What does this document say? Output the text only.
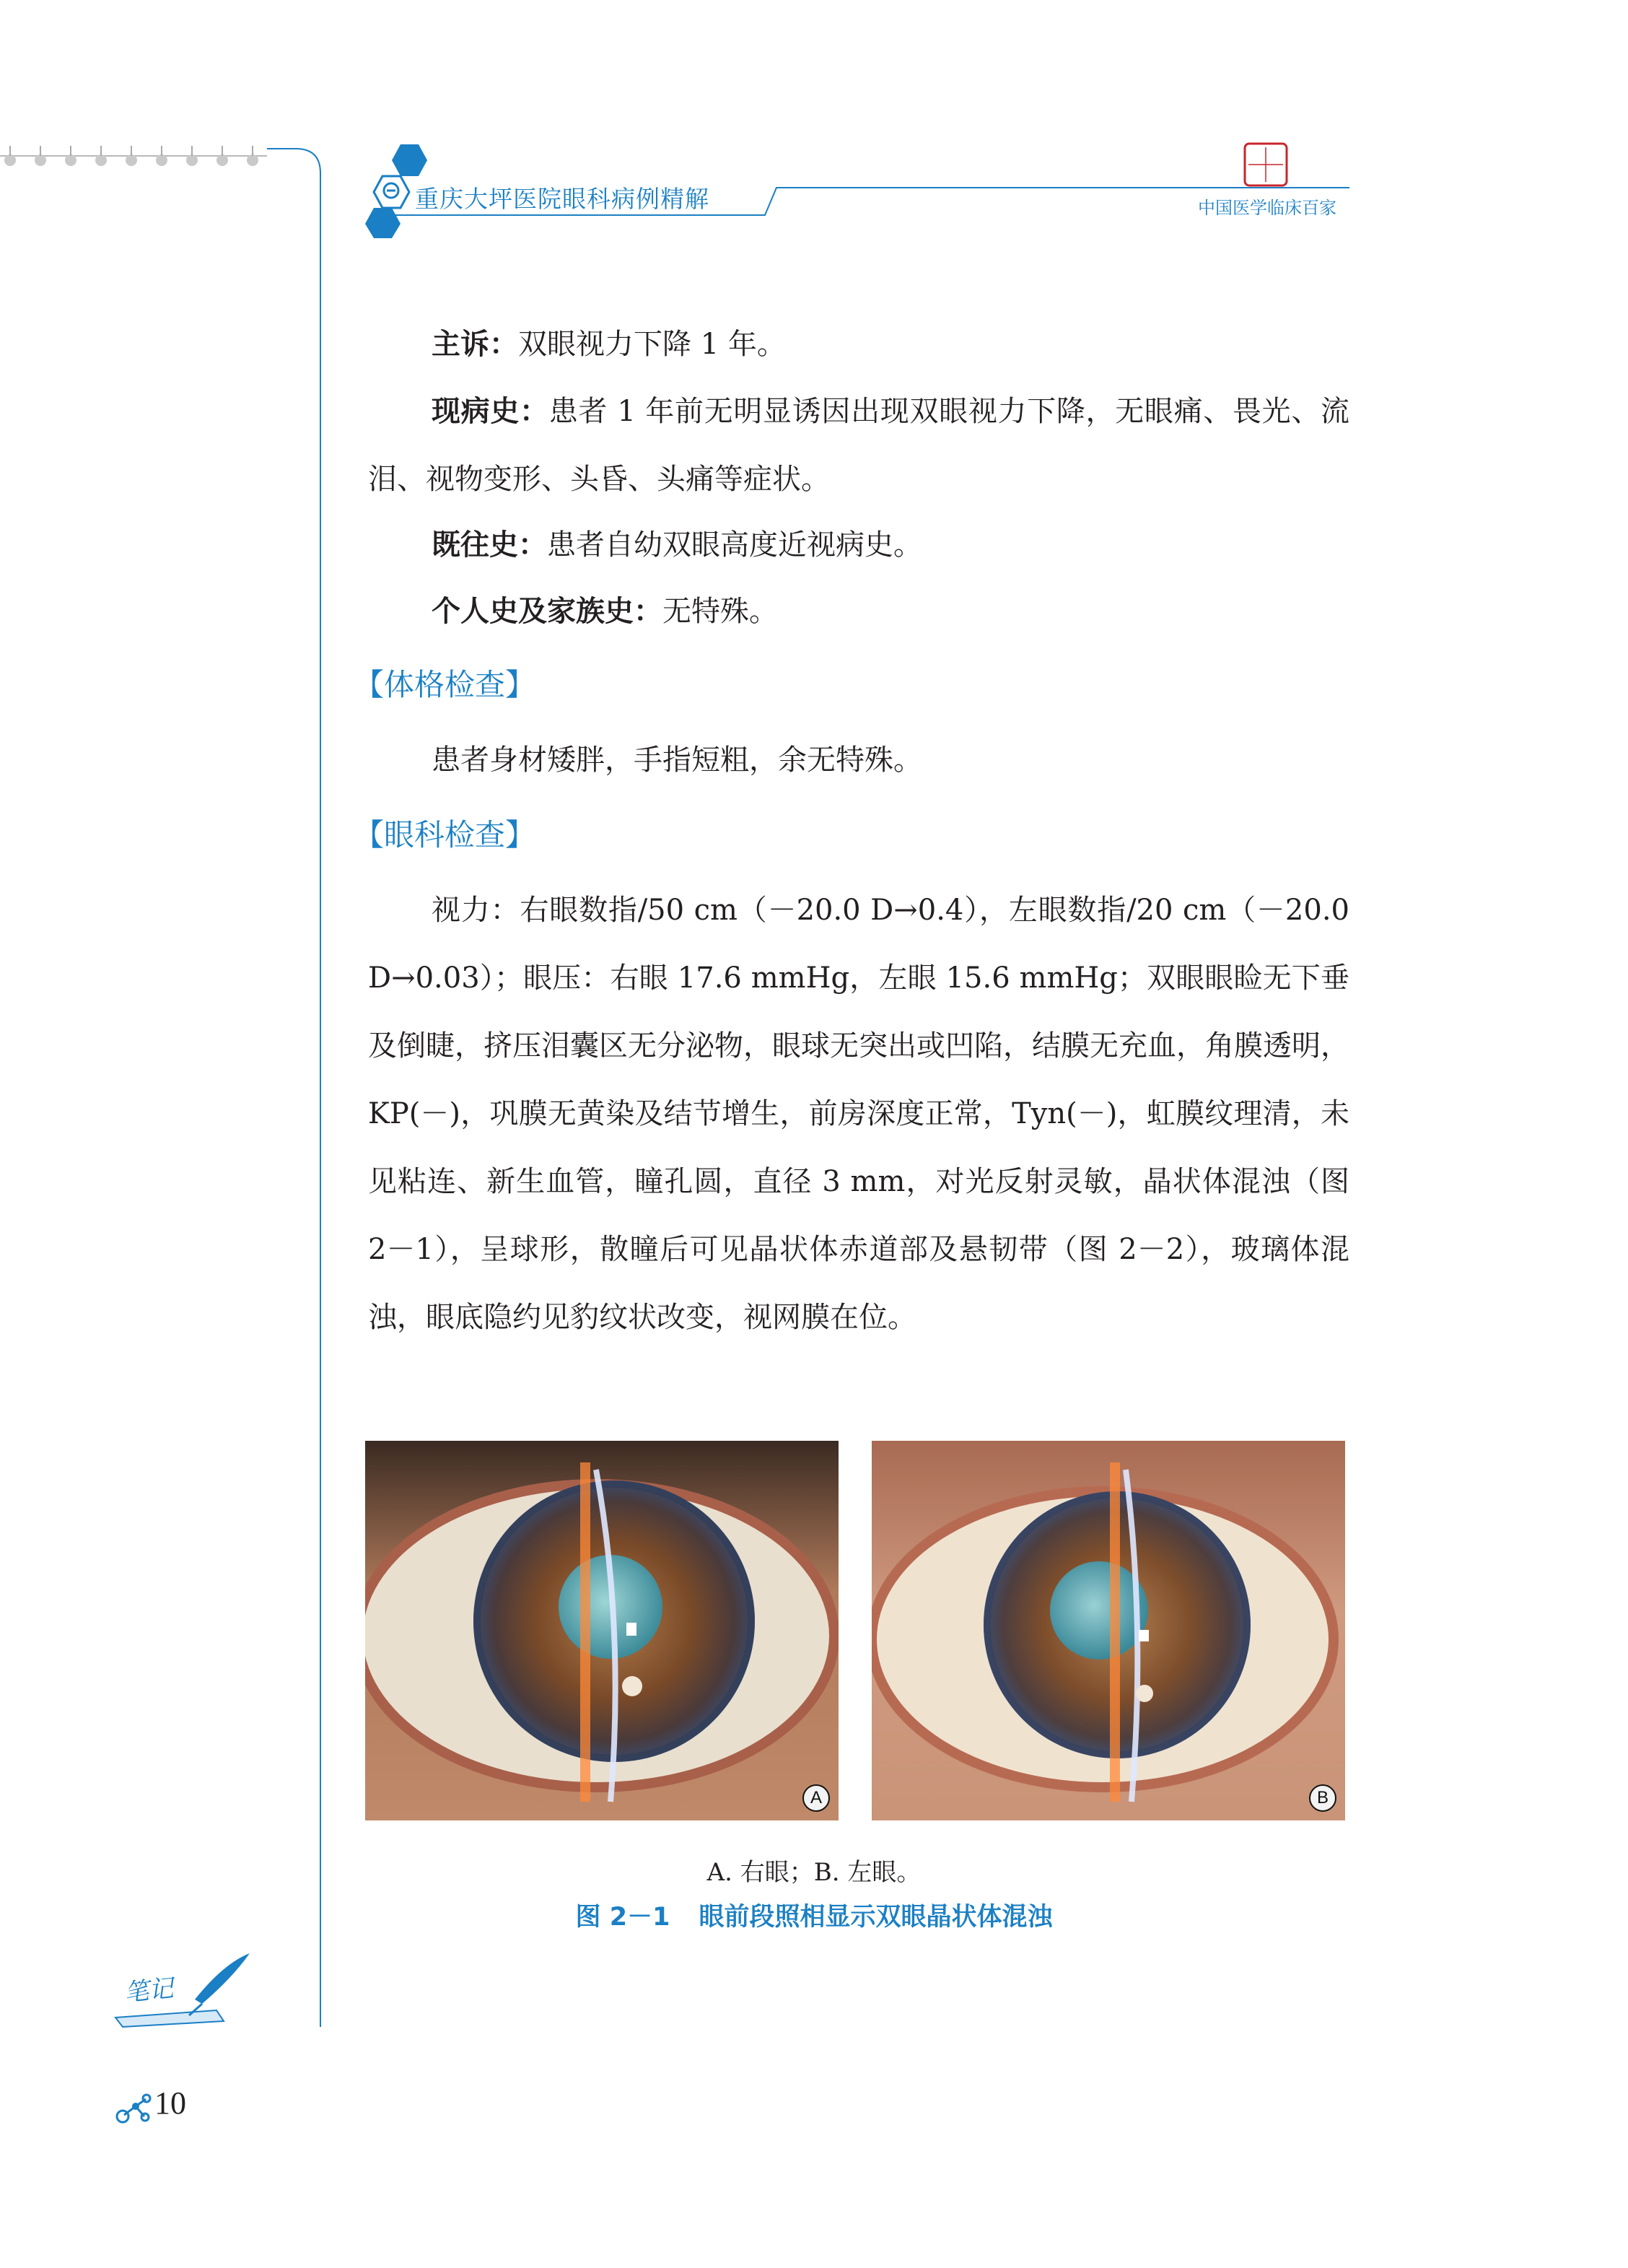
重庆大坪医院眼科病例精解	中国医学临床百家

主诉：双眼视力下降 1 年。

现病史：患者 1 年前无明显诱因出现双眼视力下降，无眼痛、畏光、流泪、视物变形、头昏、头痛等症状。

既往史：患者自幼双眼高度近视病史。

个人史及家族史：无特殊。

【体格检查】

患者身材矮胖，手指短粗，余无特殊。

【眼科检查】

视力：右眼数指/50 cm（－20.0 D→0.4），左眼数指/20 cm（－20.0 D→0.03）；眼压：右眼 17.6 mmHg，左眼 15.6 mmHg；双眼眼睑无下垂及倒睫，挤压泪囊区无分泌物，眼球无突出或凹陷，结膜无充血，角膜透明，KP(－)，巩膜无黄染及结节增生，前房深度正常，Tyn(－)，虹膜纹理清，未见粘连、新生血管，瞳孔圆，直径 3 mm，对光反射灵敏，晶状体混浊（图 2－1），呈球形，散瞳后可见晶状体赤道部及悬韧带（图 2－2），玻璃体混浊，眼底隐约见豹纹状改变，视网膜在位。

A	B
A. 右眼；B. 左眼。
图 2－1 眼前段照相显示双眼晶状体混浊
笔记
10
